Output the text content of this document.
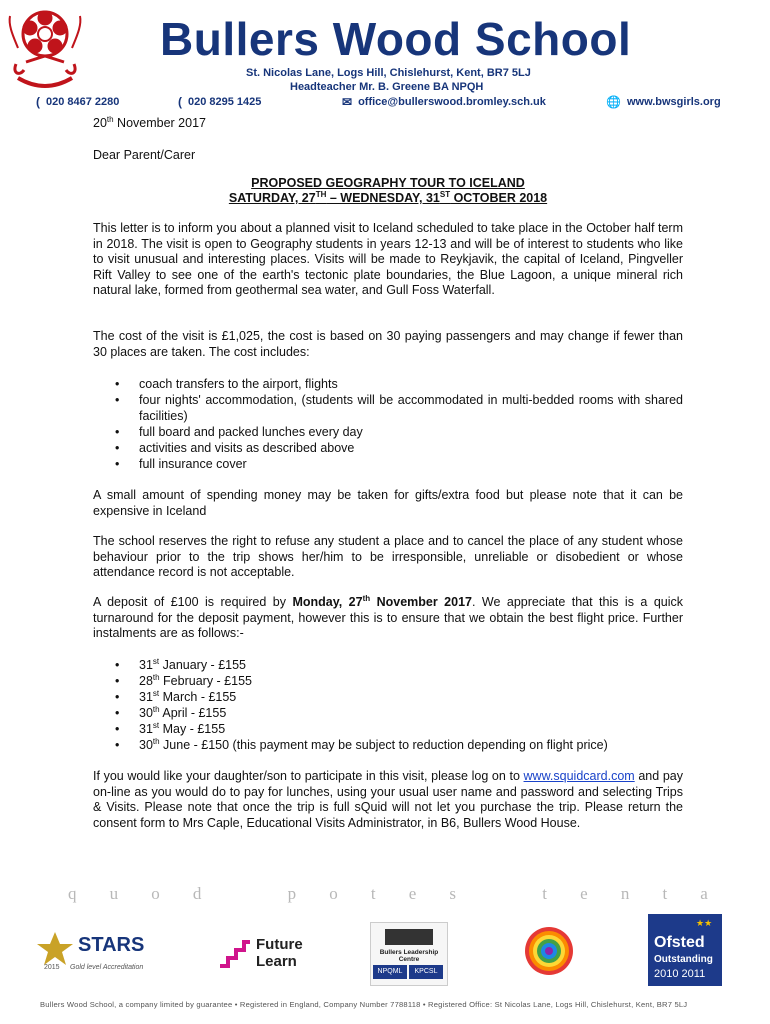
Bullers Wood School
St. Nicolas Lane, Logs Hill, Chislehurst, Kent, BR7 5LJ
Headteacher Mr. B. Greene BA NPQH
( 020 8467 2280	( 020 8295 1425	✉ office@bullerswood.bromley.sch.uk	🌐 www.bwsgirls.org
20th November 2017
Dear Parent/Carer
PROPOSED GEOGRAPHY TOUR TO ICELAND
SATURDAY, 27TH – WEDNESDAY, 31ST OCTOBER 2018
This letter is to inform you about a planned visit to Iceland scheduled to take place in the October half term in 2018. The visit is open to Geography students in years 12-13 and will be of interest to students who like to visit unusual and interesting places. Visits will be made to Reykjavik, the capital of Iceland, Pingveller Rift Valley to see one of the earth's tectonic plate boundaries, the Blue Lagoon, a unique mineral rich natural lake, formed from geothermal sea water, and Gull Foss Waterfall.
The cost of the visit is £1,025, the cost is based on 30 paying passengers and may change if fewer than 30 places are taken. The cost includes:
• coach transfers to the airport, flights
• four nights' accommodation, (students will be accommodated in multi-bedded rooms with shared facilities)
• full board and packed lunches every day
• activities and visits as described above
• full insurance cover
A small amount of spending money may be taken for gifts/extra food but please note that it can be expensive in Iceland
The school reserves the right to refuse any student a place and to cancel the place of any student whose behaviour prior to the trip shows her/him to be irresponsible, unreliable or disobedient or whose attendance record is not acceptable.
A deposit of £100 is required by Monday, 27th November 2017. We appreciate that this is a quick turnaround for the deposit payment, however this is to ensure that we obtain the best flight price. Further instalments are as follows:-
• 31st January - £155
• 28th February - £155
• 31st March - £155
• 30th April - £155
• 31st May - £155
• 30th June - £150 (this payment may be subject to reduction depending on flight price)
If you would like your daughter/son to participate in this visit, please log on to www.squidcard.com and pay on-line as you would do to pay for lunches, using your usual user name and password and selecting Trips & Visits. Please note that once the trip is full sQuid will not let you purchase the trip. Please return the consent form to Mrs Caple, Educational Visits Administrator, in B6, Bullers Wood House.
q u o d	p o t e s	t e n t a
STARS
2015 Gold level Accreditation
Future
Learn
Bullers Leadership Centre
NPQML	KPCSL
★★
Ofsted
Outstanding
2010 2011
Bullers Wood School, a company limited by guarantee • Registered in England, Company Number 7788118 • Registered Office: St Nicolas Lane, Logs Hill, Chislehurst, Kent, BR7 5LJ
